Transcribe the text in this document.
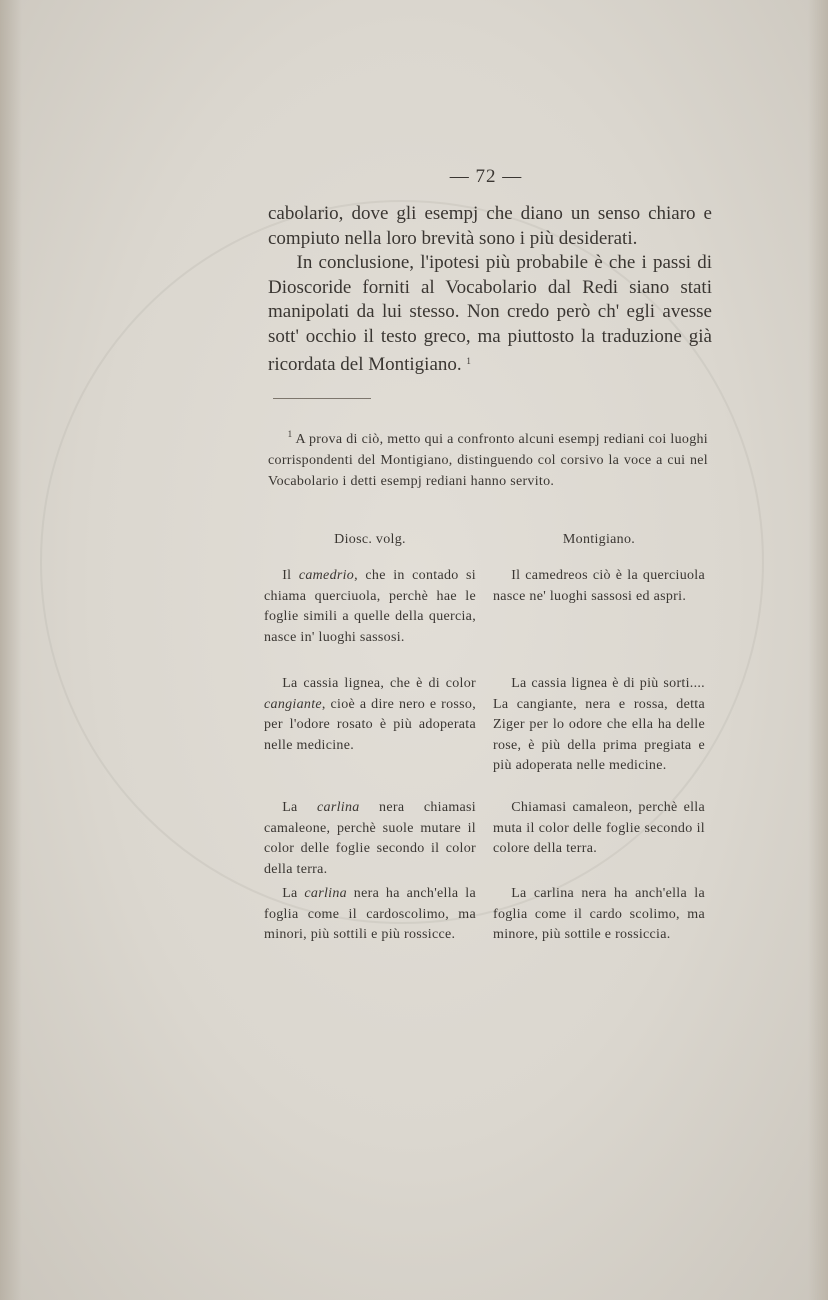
— 72 —

cabolario, dove gli esempj che diano un senso chiaro e compiuto nella loro brevità sono i più desiderati.

In conclusione, l'ipotesi più probabile è che i passi di Dioscoride forniti al Vocabolario dal Redi siano stati manipolati da lui stesso. Non credo però ch' egli avesse sott' occhio il testo greco, ma piuttosto la traduzione già ricordata del Montigiano. $^1$

$^1$ A prova di ciò, metto qui a confronto alcuni esempj rediani coi luoghi corrispondenti del Montigiano, distinguendo col corsivo la voce a cui nel Vocabolario i detti esempj rediani hanno servito.

Diosc. volg.

Il camedrio, che in contado si chiama querciuola, perchè hae le foglie simili a quelle della quercia, nasce in' luoghi sassosi.

La cassia lignea, che è di color cangiante, cioè a dire nero e rosso, per l'odore rosato è più adoperata nelle medicine.

La carlina nera chiamasi camaleone, perchè suole mutare il color delle foglie secondo il color della terra.

La carlina nera ha anch'ella la foglia come il cardoscolimo, ma minori, più sottili e più rossicce.

Montigiano.

Il camedreos ciò è la querciuola nasce ne' luoghi sassosi ed aspri.

La cassia lignea è di più sorti.... La cangiante, nera e rossa, detta Ziger per lo odore che ella ha delle rose, è più della prima pregiata e più adoperata nelle medicine.

Chiamasi camaleon, perchè ella muta il color delle foglie secondo il colore della terra.

La carlina nera ha anch'ella la foglia come il cardo scolimo, ma minore, più sottile e rossiccia.
